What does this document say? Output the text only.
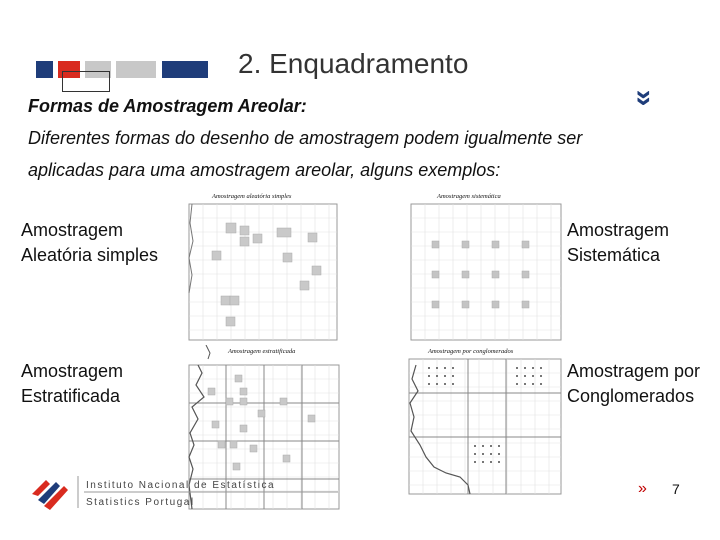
2. Enquadramento
»
Formas de Amostragem Areolar:
Diferentes formas do desenho de amostragem podem igualmente ser
aplicadas para uma amostragem areolar, alguns exemplos:
Amostragem
Aleatória simples
Amostragem
Sistemática
Amostragem
Estratificada
Amostragem por
Conglomerados
Amostragem aleatória simples	Amostragem sistemática
Amostragem estratificada	Amostragem por conglomerados
Instituto Nacional de Estatística
Statistics Portugal
» 7
